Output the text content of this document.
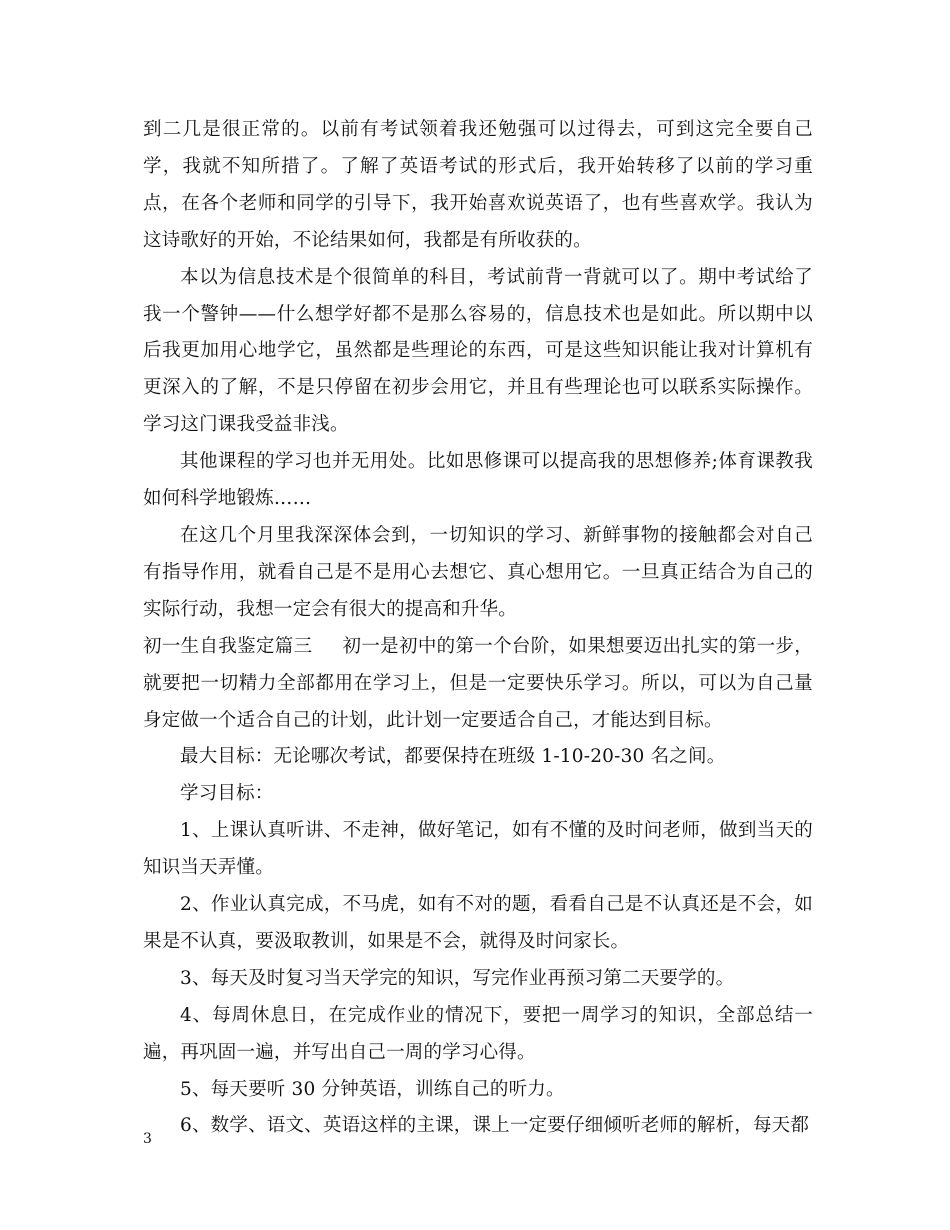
到二几是很正常的。以前有考试领着我还勉强可以过得去，可到这完全要自己学，我就不知所措了。了解了英语考试的形式后，我开始转移了以前的学习重点，在各个老师和同学的引导下，我开始喜欢说英语了，也有些喜欢学。我认为这诗歌好的开始，不论结果如何，我都是有所收获的。

本以为信息技术是个很简单的科目，考试前背一背就可以了。期中考试给了我一个警钟——什么想学好都不是那么容易的，信息技术也是如此。所以期中以后我更加用心地学它，虽然都是些理论的东西，可是这些知识能让我对计算机有更深入的了解，不是只停留在初步会用它，并且有些理论也可以联系实际操作。学习这门课我受益非浅。

其他课程的学习也并无用处。比如思修课可以提高我的思想修养;体育课教我如何科学地锻炼……

在这几个月里我深深体会到，一切知识的学习、新鲜事物的接触都会对自己有指导作用，就看自己是不是用心去想它、真心想用它。一旦真正结合为自己的实际行动，我想一定会有很大的提高和升华。

初一生自我鉴定篇三 初一是初中的第一个台阶，如果想要迈出扎实的第一步，就要把一切精力全部都用在学习上，但是一定要快乐学习。所以，可以为自己量身定做一个适合自己的计划，此计划一定要适合自己，才能达到目标。

最大目标：无论哪次考试，都要保持在班级 1-10-20-30 名之间。

学习目标：

1、上课认真听讲、不走神，做好笔记，如有不懂的及时问老师，做到当天的知识当天弄懂。

2、作业认真完成，不马虎，如有不对的题，看看自己是不认真还是不会，如果是不认真，要汲取教训，如果是不会，就得及时问家长。

3、每天及时复习当天学完的知识，写完作业再预习第二天要学的。

4、每周休息日，在完成作业的情况下，要把一周学习的知识，全部总结一遍，再巩固一遍，并写出自己一周的学习心得。

5、每天要听 30 分钟英语，训练自己的听力。

6、数学、语文、英语这样的主课，课上一定要仔细倾听老师的解析，每天都

3
